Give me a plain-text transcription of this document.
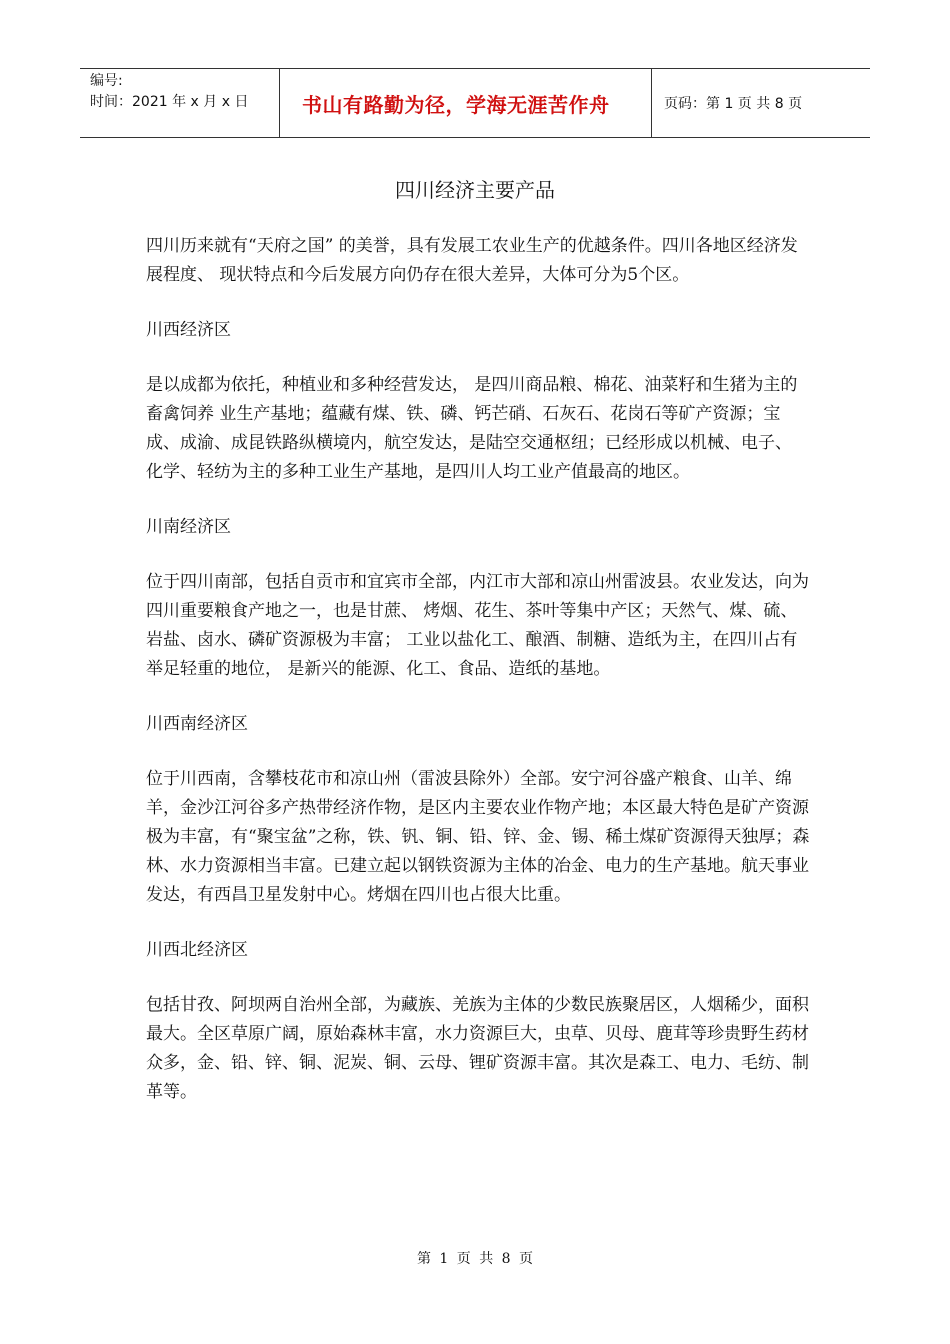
编号:
时间：2021 年 x 月 x 日	书山有路勤为径，学海无涯苦作舟	页码：第 1 页 共 8 页
四川经济主要产品

四川历来就有“天府之国” 的美誉，具有发展工农业生产的优越条件。四川各地区经济发展程度、 现状特点和今后发展方向仍存在很大差异，大体可分为5个区。

川西经济区

是以成都为依托，种植业和多种经营发达， 是四川商品粮、棉花、油菜籽和生猪为主的畜禽饲养 业生产基地；蕴藏有煤、铁、磷、钙芒硝、石灰石、花岗石等矿产资源；宝成、成渝、成昆铁路纵横境内，航空发达，是陆空交通枢纽；已经形成以机械、电子、 化学、轻纺为主的多种工业生产基地，是四川人均工业产值最高的地区。

川南经济区

位于四川南部，包括自贡市和宜宾市全部，内江市大部和凉山州雷波县。农业发达，向为四川重要粮食产地之一，也是甘蔗、 烤烟、花生、茶叶等集中产区；天然气、煤、硫、岩盐、卤水、磷矿资源极为丰富； 工业以盐化工、酿酒、制糖、造纸为主，在四川占有举足轻重的地位， 是新兴的能源、化工、食品、造纸的基地。

川西南经济区

位于川西南，含攀枝花市和凉山州（雷波县除外）全部。安宁河谷盛产粮食、山羊、绵羊，金沙江河谷多产热带经济作物，是区内主要农业作物产地；本区最大特色是矿产资源极为丰富，有“聚宝盆”之称，铁、钒、铜、铅、锌、金、锡、稀土煤矿资源得天独厚；森林、水力资源相当丰富。已建立起以钢铁资源为主体的冶金、电力的生产基地。航天事业发达，有西昌卫星发射中心。烤烟在四川也占很大比重。

川西北经济区

包括甘孜、阿坝两自治州全部，为藏族、羌族为主体的少数民族聚居区，人烟稀少，面积最大。全区草原广阔，原始森林丰富，水力资源巨大，虫草、贝母、鹿茸等珍贵野生药材众多，金、铅、锌、铜、泥炭、铜、云母、锂矿资源丰富。其次是森工、电力、毛纺、制革等。

第 1 页 共 8 页
